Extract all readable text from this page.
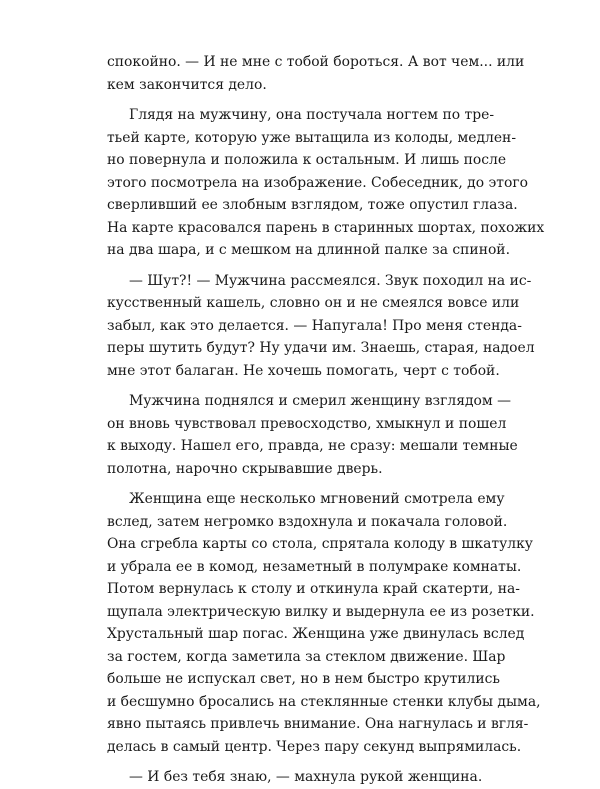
спокойно. — И не мне с тобой бороться. А вот чем... или
кем закончится дело.
Глядя на мужчину, она постучала ногтем по тре-
тьей карте, которую уже вытащила из колоды, медлен-
но повернула и положила к остальным. И лишь после
этого посмотрела на изображение. Собеседник, до этого
сверливший ее злобным взглядом, тоже опустил глаза.
На карте красовался парень в старинных шортах, похожих
на два шара, и с мешком на длинной палке за спиной.
— Шут?! — Мужчина рассмеялся. Звук походил на ис-
кусственный кашель, словно он и не смеялся вовсе или
забыл, как это делается. — Напугала! Про меня стенда-
перы шутить будут? Ну удачи им. Знаешь, старая, надоел
мне этот балаган. Не хочешь помогать, черт с тобой.
Мужчина поднялся и смерил женщину взглядом —
он вновь чувствовал превосходство, хмыкнул и пошел
к выходу. Нашел его, правда, не сразу: мешали темные
полотна, нарочно скрывавшие дверь.
Женщина еще несколько мгновений смотрела ему
вслед, затем негромко вздохнула и покачала головой.
Она сгребла карты со стола, спрятала колоду в шкатулку
и убрала ее в комод, незаметный в полумраке комнаты.
Потом вернулась к столу и откинула край скатерти, на-
щупала электрическую вилку и выдернула ее из розетки.
Хрустальный шар погас. Женщина уже двинулась вслед
за гостем, когда заметила за стеклом движение. Шар
больше не испускал свет, но в нем быстро крутились
и бесшумно бросались на стеклянные стенки клубы дыма,
явно пытаясь привлечь внимание. Она нагнулась и вгля-
делась в самый центр. Через пару секунд выпрямилась.
— И без тебя знаю, — махнула рукой женщина.
